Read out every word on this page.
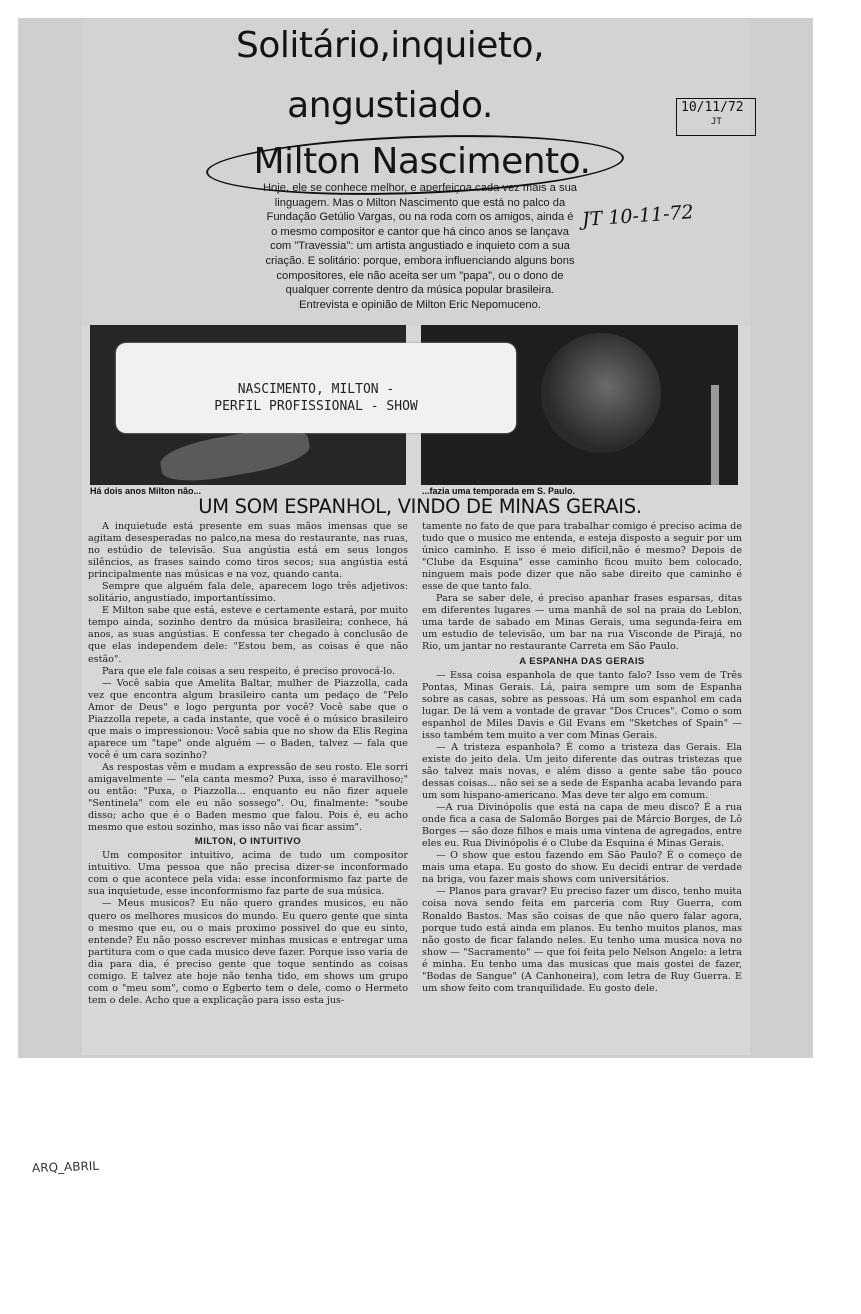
Solitário,inquieto,
angustiado.
Milton Nascimento.
10/11/72
JT
JT 10-11-72
Hoje, ele se conhece melhor, e aperfeiçoa cada vez mais a sua linguagem. Mas o Milton Nascimento que está no palco da Fundação Getúlio Vargas, ou na roda com os amigos, ainda é o mesmo compositor e cantor que há cinco anos se lançava com "Travessia": um artista angustiado e inquieto com a sua criação. E solitário: porque, embora influenciando alguns bons compositores, ele não aceita ser um "papa", ou o dono de qualquer corrente dentro da música popular brasileira. Entrevista e opinião de Milton Eric Nepomuceno.
NASCIMENTO, MILTON -
PERFIL PROFISSIONAL - SHOW
Há dois anos Milton não...	...fazia uma temporada em S. Paulo.
UM SOM ESPANHOL, VINDO DE MINAS GERAIS.

A inquietude está presente em suas mãos imensas que se agitam desesperadas no palco,na mesa do restaurante, nas ruas, no estúdio de televisão. Sua angústia está em seus longos silêncios, as frases saindo como tiros secos; sua angústia está principalmente nas músicas e na voz, quando canta.

Sempre que alguém fala dele, aparecem logo três adjetivos: solitário, angustiado, importantíssimo.

E Milton sabe que está, esteve e certamente estará, por muito tempo ainda, sozinho dentro da música brasileira; conhece, há anos, as suas angústias. E confessa ter chegado à conclusão de que elas independem dele: "Estou bem, as coisas é que não estão".

Para que ele fale coisas a seu respeito, é preciso provocá-lo.

— Você sabia que Amelita Baltar, mulher de Piazzolla, cada vez que encontra algum brasileiro canta um pedaço de "Pelo Amor de Deus" e logo pergunta por você? Você sabe que o Piazzolla repete, a cada instante, que você é o músico brasileiro que mais o impressionou: Você sabia que no show da Elis Regina aparece um "tape" onde alguém — o Baden, talvez — fala que você é um cara sozinho?

As respostas vêm e mudam a expressão de seu rosto. Ele sorri amigavelmente — "ela canta mesmo? Puxa, isso é maravilhoso;" ou então: "Puxa, o Piazzolla... enquanto eu não fizer aquele "Sentinela" com ele eu não sossego". Ou, finalmente: "soube disso; acho que é o Baden mesmo que falou. Pois é, eu acho mesmo que estou sozinho, mas isso não vai ficar assim".

MILTON, O INTUITIVO

Um compositor intuitivo, acima de tudo um compositor intuitivo. Uma pessoa que não precisa dizer-se inconformado com o que acontece pela vida: esse inconformismo faz parte de sua inquietude, esse inconformismo faz parte de sua música.

— Meus musicos? Eu não quero grandes musicos, eu não quero os melhores musicos do mundo. Eu quero gente que sinta o mesmo que eu, ou o mais proximo possivel do que eu sinto, entende? Eu não posso escrever minhas musicas e entregar uma partitura com o que cada musico deve fazer. Porque isso varia de dia para dia, é preciso gente que toque sentindo as coisas comigo. E talvez ate hoje não tenha tido, em shows um grupo com o "meu som", como o Egberto tem o dele, como o Hermeto tem o dele. Acho que a explicação para isso esta jus-

tamente no fato de que para trabalhar comigo é preciso acima de tudo que o musico me entenda, e esteja disposto a seguir por um único caminho. E isso é meio difícil,não é mesmo? Depois de "Clube da Esquina" esse caminho ficou muito bem colocado, ninguem mais pode dizer que não sabe direito que caminho é esse de que tanto falo.

Para se saber dele, é preciso apanhar frases esparsas, ditas em diferentes lugares — uma manhã de sol na praia do Leblon, uma tarde de sabado em Minas Gerais, uma segunda-feira em um estudio de televisão, um bar na rua Visconde de Pirajá, no Rio, um jantar no restaurante Carreta em São Paulo.

A ESPANHA DAS GERAIS

— Essa coisa espanhola de que tanto falo? Isso vem de Três Pontas, Minas Gerais. Lá, paira sempre um som de Espanha sobre as casas, sobre as pessoas. Há um som espanhol em cada lugar. De lá vem a vontade de gravar "Dos Cruces". Como o som espanhol de Miles Davis e Gil Evans em "Sketches of Spain" — isso também tem muito a ver com Minas Gerais.

— A tristeza espanhola? É como a tristeza das Gerais. Ela existe do jeito dela. Um jeito diferente das outras tristezas que são talvez mais novas, e além disso a gente sabe tão pouco dessas coisas... não sei se a sede de Espanha acaba levando para um som hispano-americano. Mas deve ter algo em comum.

—A rua Divinópolis que está na capa de meu disco? É a rua onde fica a casa de Salomão Borges pai de Márcio Borges, de Lô Borges — são doze filhos e mais uma vintena de agregados, entre eles eu. Rua Divinópolis é o Clube da Esquina é Minas Gerais.

— O show que estou fazendo em São Paulo? É o começo de mais uma etapa. Eu gosto do show. Eu decidi entrar de verdade na briga, vou fazer mais shows com universitários.

— Planos para gravar? Eu preciso fazer um disco, tenho muita coisa nova sendo feita em parceria com Ruy Guerra, com Ronaldo Bastos. Mas são coisas de que não quero falar agora, porque tudo está ainda em planos. Eu tenho muitos planos, mas não gosto de ficar falando neles. Eu tenho uma musica nova no show — "Sacramento" — que foi feita pelo Nelson Angelo: a letra é minha. Eu tenho uma das musicas que mais gostei de fazer, "Bodas de Sangue" (A Canhoneira), com letra de Ruy Guerra. E um show feito com tranquilidade. Eu gosto dele.

ARQ_ABRIL
